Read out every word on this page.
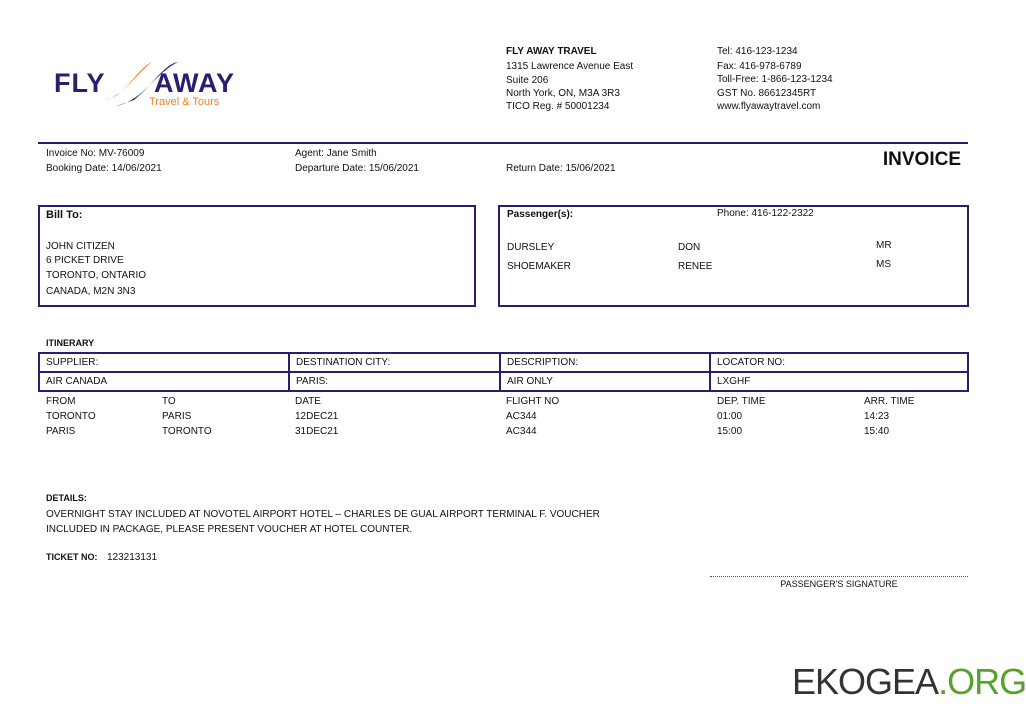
FLY AWAY
Travel & Tours
FLY AWAY TRAVEL
1315 Lawrence Avenue East
Suite 206
North York, ON, M3A 3R3
TICO Reg. # 50001234
Tel: 416-123-1234
Fax: 416-978-6789
Toll-Free: 1-866-123-1234
GST No. 86612345RT
www.flyawaytravel.com
Invoice No: MV-76009
Booking Date: 14/06/2021
Agent: Jane Smith
Departure Date: 15/06/2021	Return Date: 15/06/2021	INVOICE
Bill To:
JOHN CITIZEN
6 PICKET DRIVE
TORONTO, ONTARIO
CANADA, M2N 3N3
Passenger(s):	Phone: 416-122-2322
DURSLEY	DON	MR
SHOEMAKER	RENEE	MS
ITINERARY
SUPPLIER:	DESTINATION CITY:	DESCRIPTION:	LOCATOR NO:
AIR CANADA	PARIS:	AIR ONLY	LXGHF
FROM	TO	DATE	FLIGHT NO	DEP. TIME	ARR. TIME
TORONTO	PARIS	12DEC21	AC344	01:00	14:23
PARIS	TORONTO	31DEC21	AC344	15:00	15:40
DETAILS:
OVERNIGHT STAY INCLUDED AT NOVOTEL AIRPORT HOTEL – CHARLES DE GUAL AIRPORT TERMINAL F. VOUCHER
INCLUDED IN PACKAGE, PLEASE PRESENT VOUCHER AT HOTEL COUNTER.
TICKET NO: 123213131
PASSENGER'S SIGNATURE
EKOGEA.ORG
